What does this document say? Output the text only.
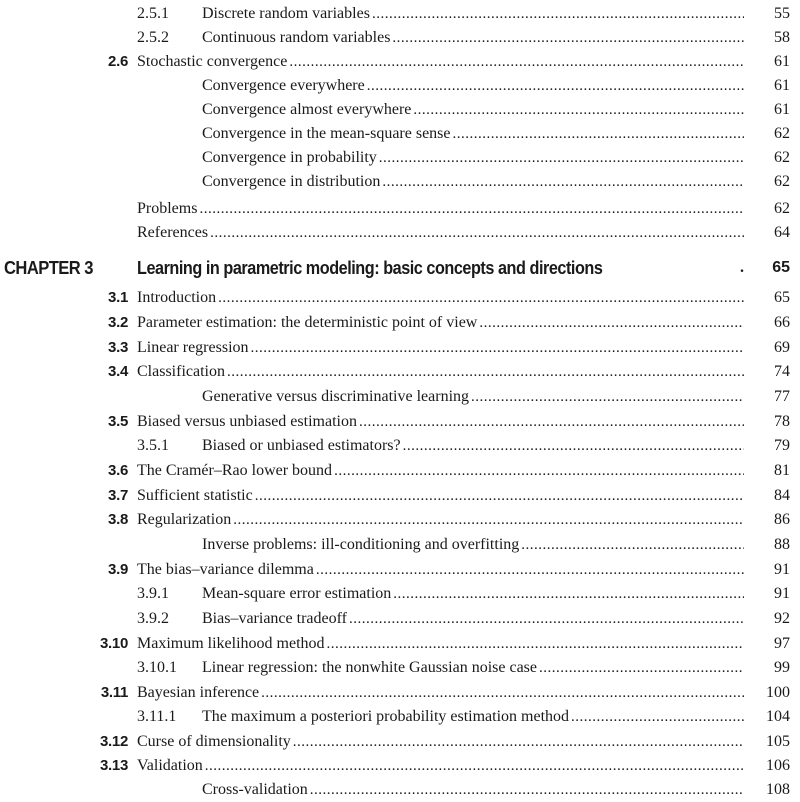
2.5.1 Discrete random variables .....	55
2.5.2 Continuous random variables .....	58
2.6 Stochastic convergence .....	61
Convergence everywhere .....	61
Convergence almost everywhere .....	61
Convergence in the mean-square sense .....	62
Convergence in probability .....	62
Convergence in distribution .....	62
Problems .....	62
References .....	64
CHAPTER 3	Learning in parametric modeling: basic concepts and directions	.	65
3.1 Introduction .....	65
3.2 Parameter estimation: the deterministic point of view .....	66
3.3 Linear regression .....	69
3.4 Classification .....	74
Generative versus discriminative learning .....	77
3.5 Biased versus unbiased estimation .....	78
3.5.1 Biased or unbiased estimators? .....	79
3.6 The Cramér–Rao lower bound .....	81
3.7 Sufficient statistic .....	84
3.8 Regularization .....	86
Inverse problems: ill-conditioning and overfitting .....	88
3.9 The bias–variance dilemma .....	91
3.9.1 Mean-square error estimation .....	91
3.9.2 Bias–variance tradeoff .....	92
3.10 Maximum likelihood method .....	97
3.10.1 Linear regression: the nonwhite Gaussian noise case .....	99
3.11 Bayesian inference .....	100
3.11.1 The maximum a posteriori probability estimation method .....	104
3.12 Curse of dimensionality .....	105
3.13 Validation .....	106
Cross-validation .....	108
